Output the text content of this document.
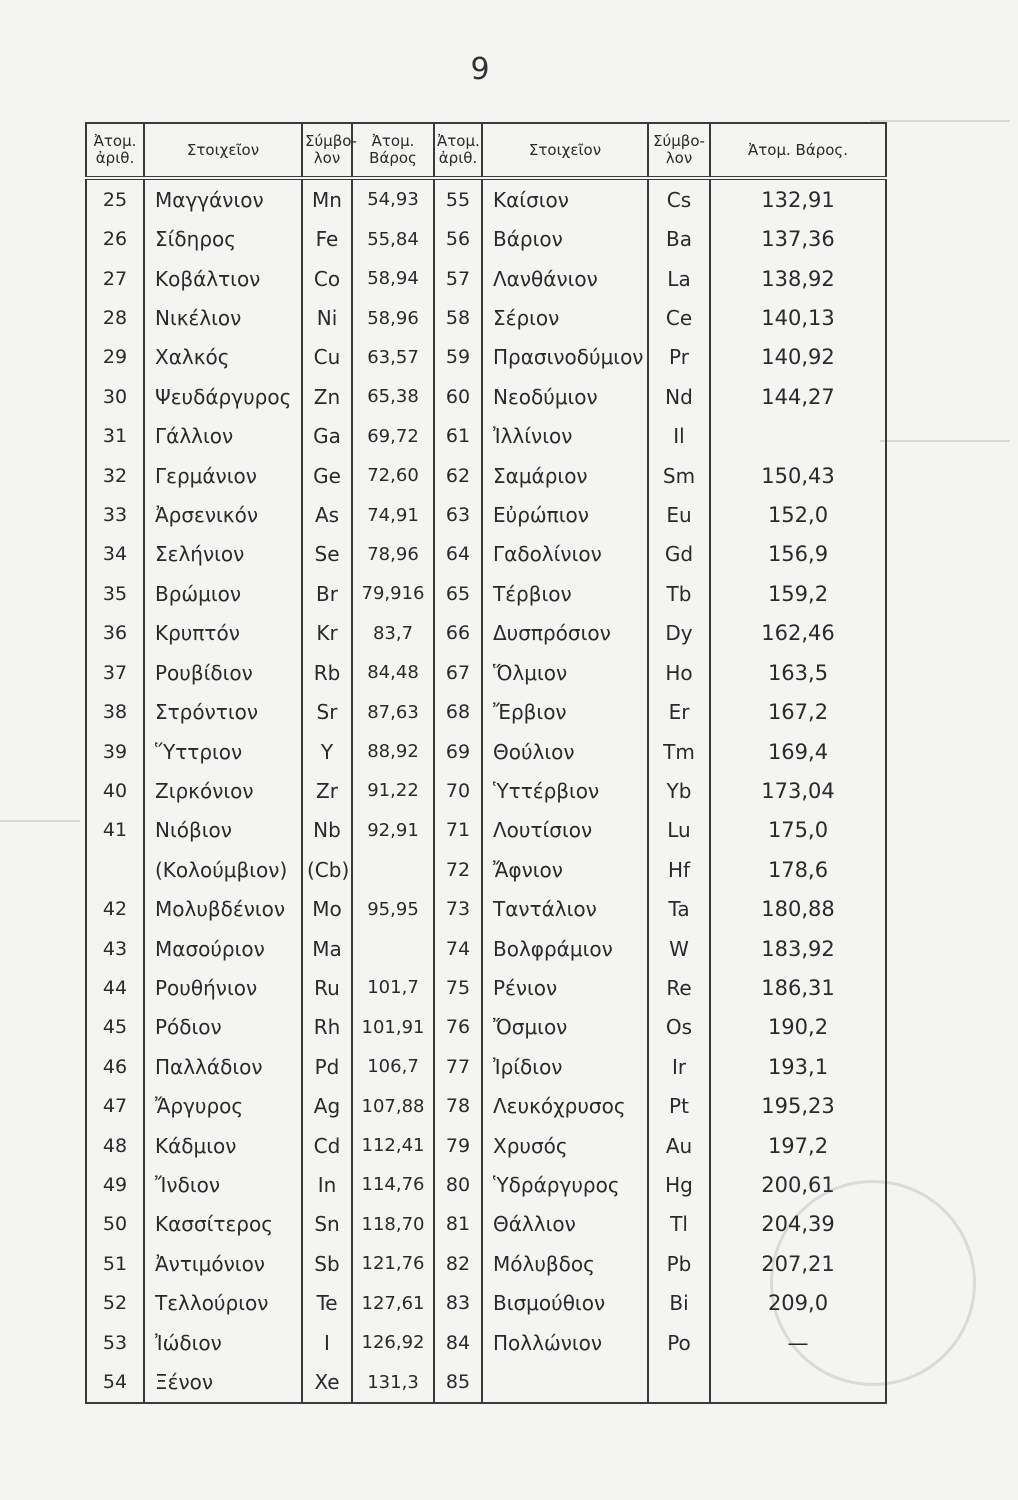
9
Ἀτομ. ἀριθ.	Στοιχεῖον	Σύμβο-λον	Ἀτομ. Βάρος	Ἀτομ. ἀριθ.	Στοιχεῖον	Σύμβο-λον	Ἀτομ. Βάρος.
25	Μαγγάνιον	Mn	54,93	55	Καίσιον	Cs	132,91
26	Σίδηρος	Fe	55,84	56	Βάριον	Ba	137,36
27	Κοβάλτιον	Co	58,94	57	Λανθάνιον	La	138,92
28	Νικέλιον	Ni	58,96	58	Σέριον	Ce	140,13
29	Χαλκός	Cu	63,57	59	Πρασινοδύμιον	Pr	140,92
30	Ψευδάργυρος	Zn	65,38	60	Νεοδύμιον	Nd	144,27
31	Γάλλιον	Ga	69,72	61	Ἰλλίνιον	Il	
32	Γερμάνιον	Ge	72,60	62	Σαμάριον	Sm	150,43
33	Ἀρσενικόν	As	74,91	63	Εὐρώπιον	Eu	152,0
34	Σελήνιον	Se	78,96	64	Γαδολίνιον	Gd	156,9
35	Βρώμιον	Br	79,916	65	Τέρβιον	Tb	159,2
36	Κρυπτόν	Kr	83,7	66	Δυσπρόσιον	Dy	162,46
37	Ρουβίδιον	Rb	84,48	67	Ὅλμιον	Ho	163,5
38	Στρόντιον	Sr	87,63	68	Ἔρβιον	Er	167,2
39	Ὕττριον	Y	88,92	69	Θούλιον	Tm	169,4
40	Ζιρκόνιον	Zr	91,22	70	Ὑττέρβιον	Yb	173,04
41	Νιόβιον	Nb	92,91	71	Λουτίσιον	Lu	175,0
	(Κολούμβιον)	(Cb)		72	Ἄφνιον	Hf	178,6
42	Μολυβδένιον	Mo	95,95	73	Ταντάλιον	Ta	180,88
43	Μασούριον	Ma		74	Βολφράμιον	W	183,92
44	Ρουθήνιον	Ru	101,7	75	Ρένιον	Re	186,31
45	Ρόδιον	Rh	101,91	76	Ὄσμιον	Os	190,2
46	Παλλάδιον	Pd	106,7	77	Ἰρίδιον	Ir	193,1
47	Ἄργυρος	Ag	107,88	78	Λευκόχρυσος	Pt	195,23
48	Κάδμιον	Cd	112,41	79	Χρυσός	Au	197,2
49	Ἴνδιον	In	114,76	80	Ὑδράργυρος	Hg	200,61
50	Κασσίτερος	Sn	118,70	81	Θάλλιον	Tl	204,39
51	Ἀντιμόνιον	Sb	121,76	82	Μόλυβδος	Pb	207,21
52	Τελλούριον	Te	127,61	83	Βισμούθιον	Bi	209,0
53	Ἰώδιον	I	126,92	84	Πολλώνιον	Po	—
54	Ξένον	Xe	131,3	85			
